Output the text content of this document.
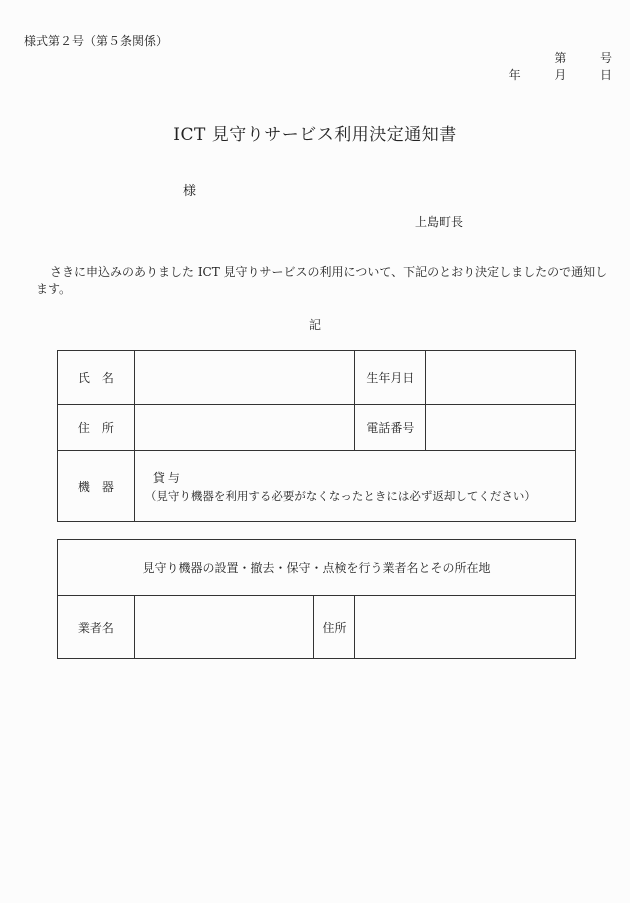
様式第２号（第５条関係）
第	号
年	月	日
ICT 見守りサービス利用決定通知書
様
上島町長
さきに申込みのありました ICT 見守りサービスの利用について、下記のとおり決定しましたので通知します。
記
氏　名		生年月日	
住　所		電話番号	
機　器	貸与
（見守り機器を利用する必要がなくなったときには必ず返却してください）		
見守り機器の設置・撤去・保守・点検を行う業者名とその所在地
業者名		住所	
